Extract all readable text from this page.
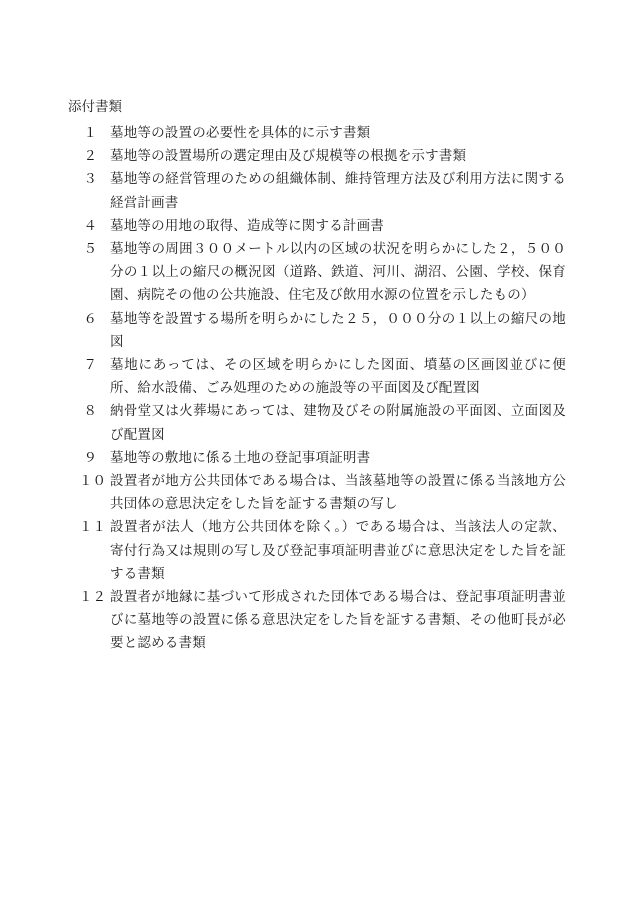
添付書類
１ 墓地等の設置の必要性を具体的に示す書類
２ 墓地等の設置場所の選定理由及び規模等の根拠を示す書類
３ 墓地等の経営管理のための組織体制、維持管理方法及び利用方法に関する経営計画書
４ 墓地等の用地の取得、造成等に関する計画書
５ 墓地等の周囲３００メートル以内の区域の状況を明らかにした２，５００分の１以上の縮尺の概況図（道路、鉄道、河川、湖沼、公園、学校、保育園、病院その他の公共施設、住宅及び飲用水源の位置を示したもの）
６ 墓地等を設置する場所を明らかにした２５，０００分の１以上の縮尺の地図
７ 墓地にあっては、その区域を明らかにした図面、墳墓の区画図並びに便所、給水設備、ごみ処理のための施設等の平面図及び配置図
８ 納骨堂又は火葬場にあっては、建物及びその附属施設の平面図、立面図及び配置図
９ 墓地等の敷地に係る土地の登記事項証明書
１０ 設置者が地方公共団体である場合は、当該墓地等の設置に係る当該地方公共団体の意思決定をした旨を証する書類の写し
１１ 設置者が法人（地方公共団体を除く。）である場合は、当該法人の定款、寄付行為又は規則の写し及び登記事項証明書並びに意思決定をした旨を証する書類
１２ 設置者が地縁に基づいて形成された団体である場合は、登記事項証明書並びに墓地等の設置に係る意思決定をした旨を証する書類、その他町長が必要と認める書類
